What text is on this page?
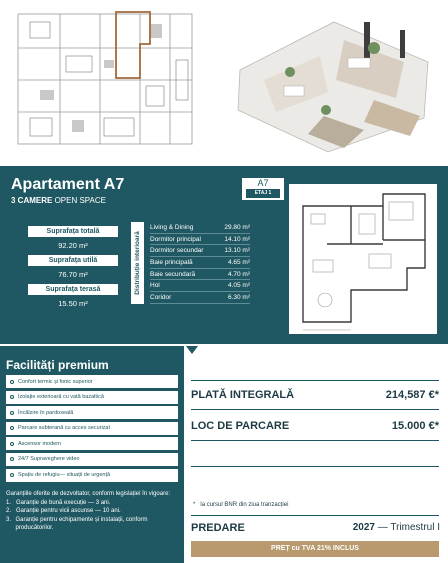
Apartament A7
3 CAMERE OPEN SPACE
Suprafața totală
92.20 m²
Suprafața utilă
76.70 m²
Suprafața terasă
15.50 m²
Distribuție interioară
Living & Dining	29.80 m²
Dormitor principal	14.10 m²
Dormitor secundar	13.10 m²
Baie principală	4.65 m²
Baie secundară	4.70 m²
Hol	4.05 m²
Coridor	6.30 m²
A7
ETAJ 1
Facilități premium
Confort termic și fonic superior
Izolație exterioară cu vată bazaltică
Încălzire în pardoseală
Parcare subterană cu acces securizat
Ascensor modern
24/7 Supraveghere video
Spațiu de refugiu— situații de urgență
Garanțiile oferite de dezvoltator, conform legislației în vigoare:
1. Garanție de bună execuție — 3 ani.
2. Garanție pentru vicii ascunse — 10 ani.
3. Garanție pentru echipamente și instalații, conform producătorilor.
PLATĂ INTEGRALĂ	214,587 €*
LOC DE PARCARE	15.000 €*
* la cursul BNR din ziua tranzacției
PREDARE	2027 — Trimestrul I
PREȚ cu TVA 21% INCLUS
